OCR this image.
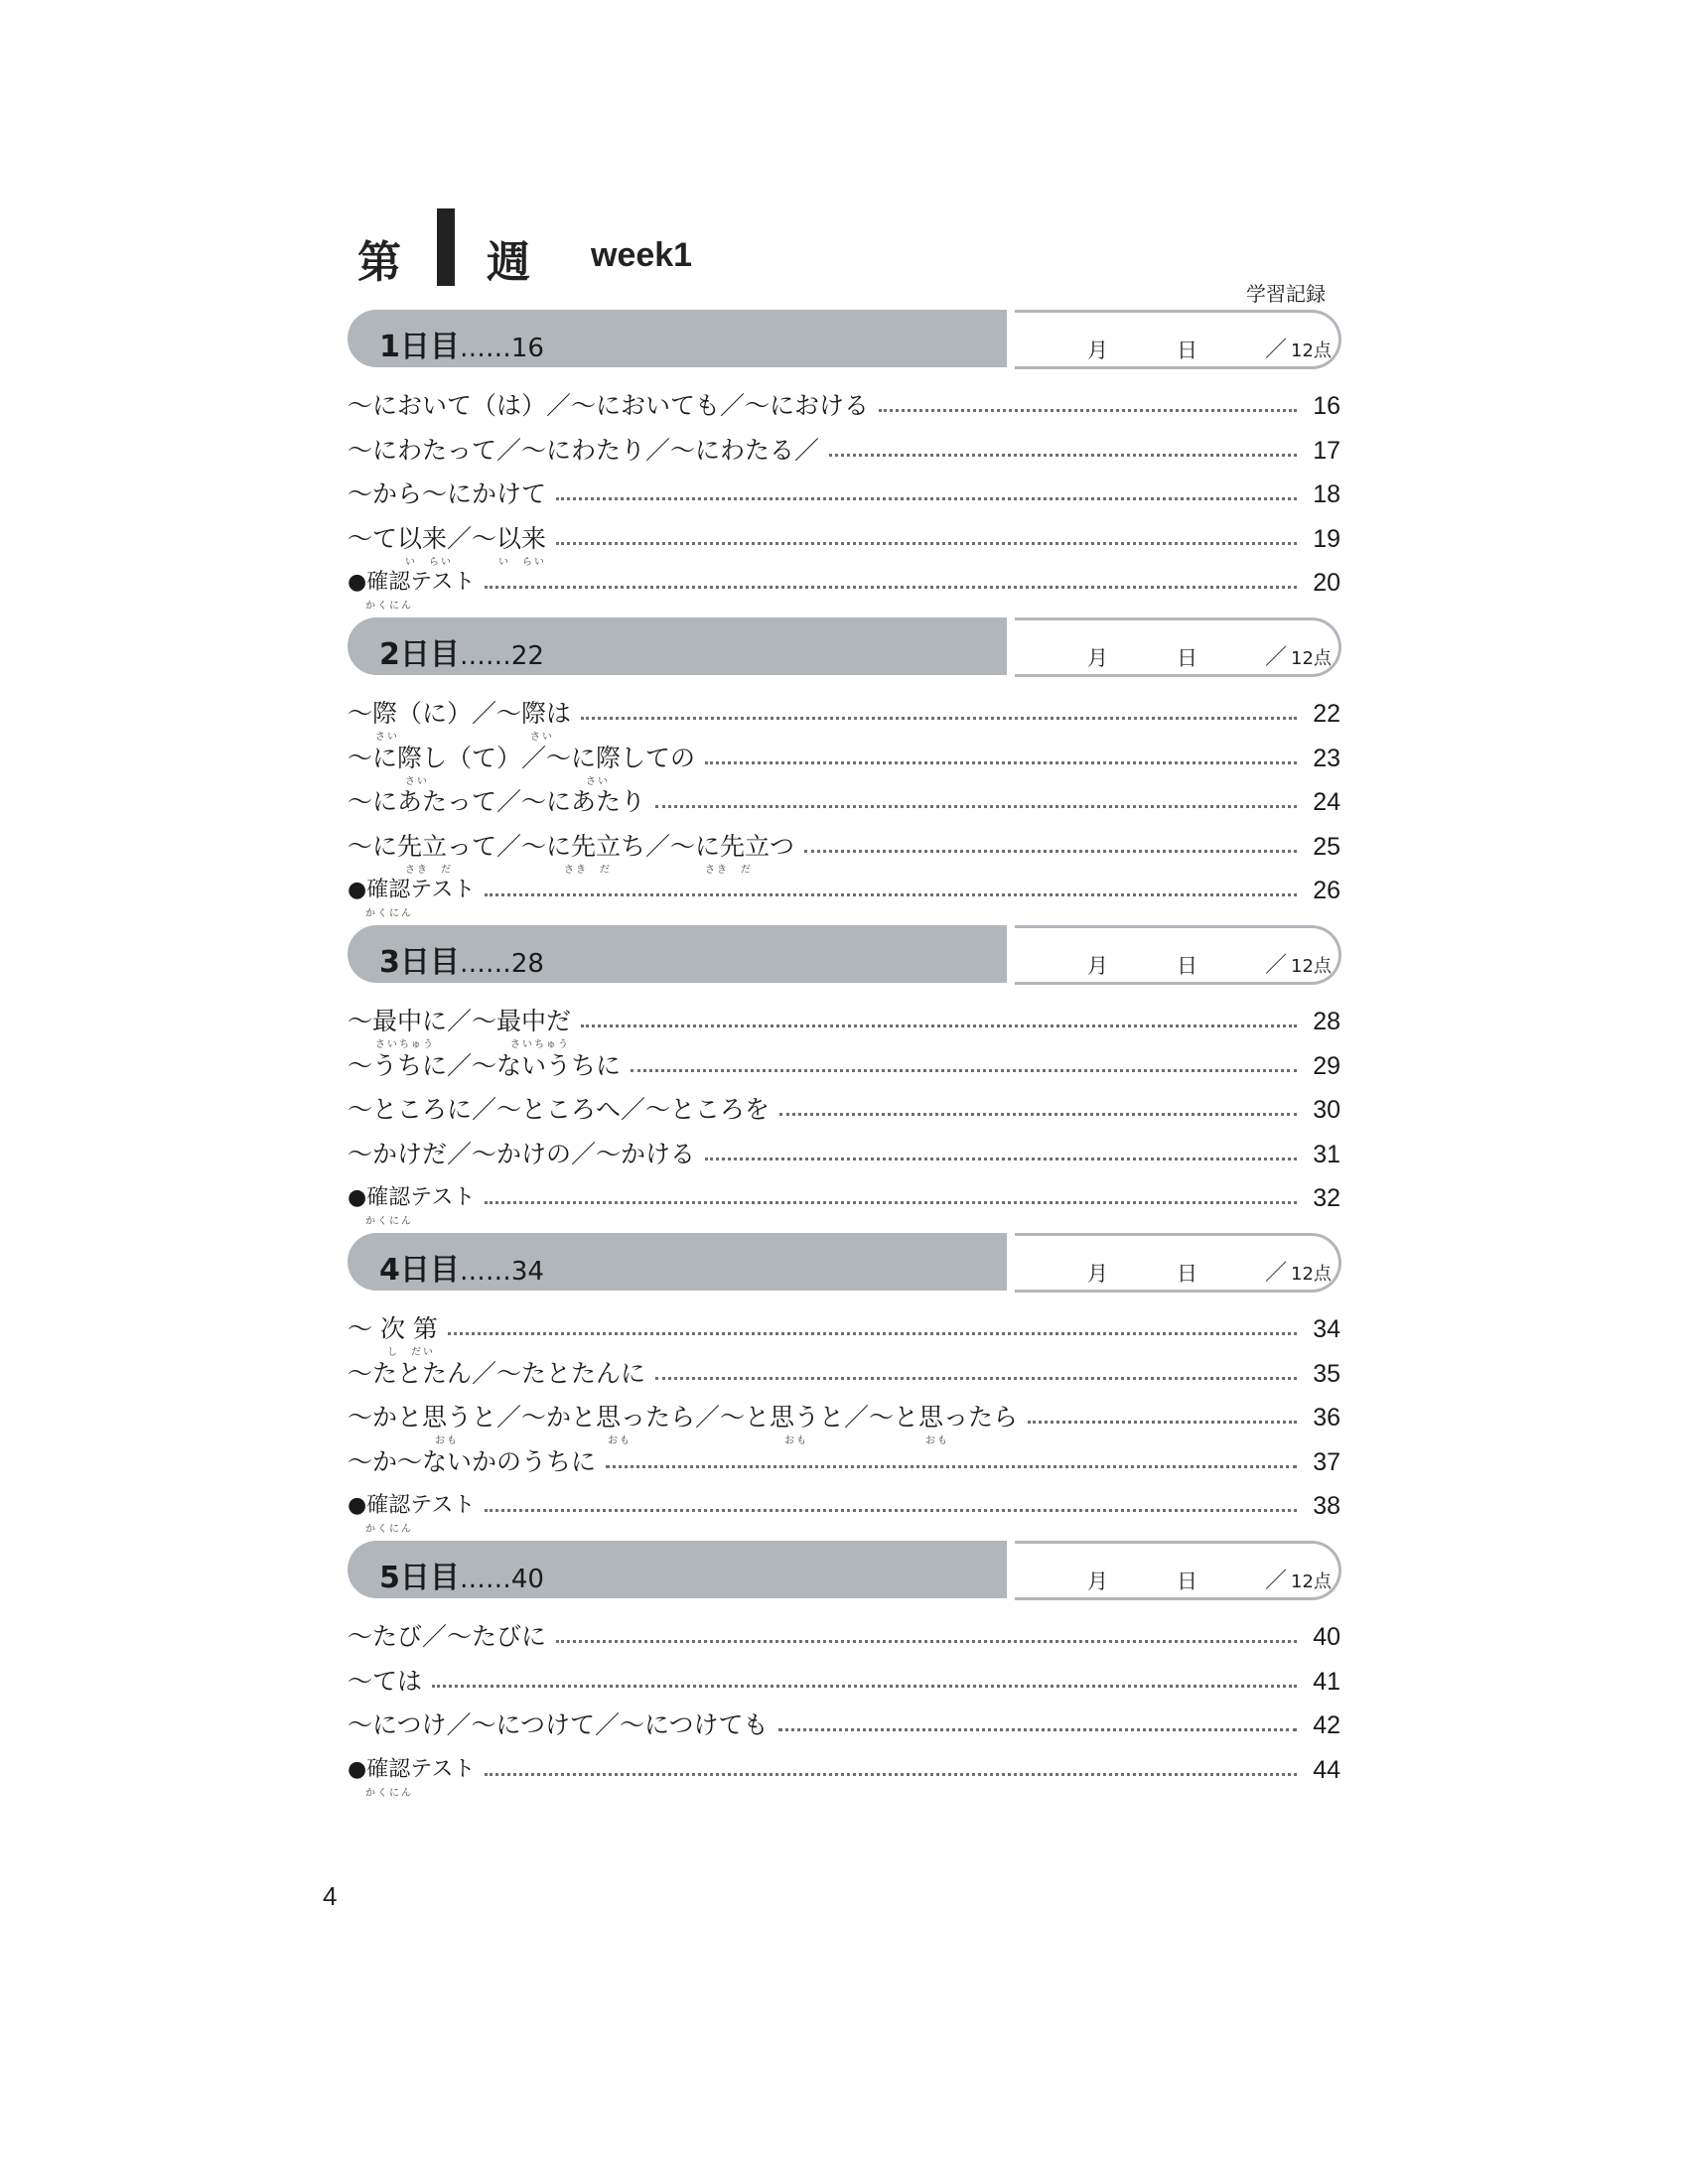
第 週 week1
学習記録
1日目……16	月	日	／ 12点
〜において（は）／〜においても／〜における	16
〜にわたって／〜にわたり／〜にわたる／	17
〜から〜にかけて	18
〜て以来／〜以来	19
い　らい	い　らい
●確認テスト	20
かくにん
2日目……22	月	日	／ 12点
〜際（に）／〜際は	22
さい	さい
〜に際し（て）／〜に際しての	23
さい	さい
〜にあたって／〜にあたり	24
〜に先立って／〜に先立ち／〜に先立つ	25
さき　だ	さき　だ	さき　だ
●確認テスト	26
かくにん
3日目……28	月	日	／ 12点
〜最中に／〜最中だ	28
さいちゅう	さいちゅう
〜うちに／〜ないうちに	29
〜ところに／〜ところへ／〜ところを	30
〜かけだ／〜かけの／〜かける	31
●確認テスト	32
かくにん
4日目……34	月	日	／ 12点
〜 次 第	34
し　だい
〜たとたん／〜たとたんに	35
〜かと思うと／〜かと思ったら／〜と思うと／〜と思ったら	36
おも	おも	おも	おも
〜か〜ないかのうちに	37
●確認テスト	38
かくにん
5日目……40	月	日	／ 12点
〜たび／〜たびに	40
〜ては	41
〜につけ／〜につけて／〜につけても	42
●確認テスト	44
かくにん
4
